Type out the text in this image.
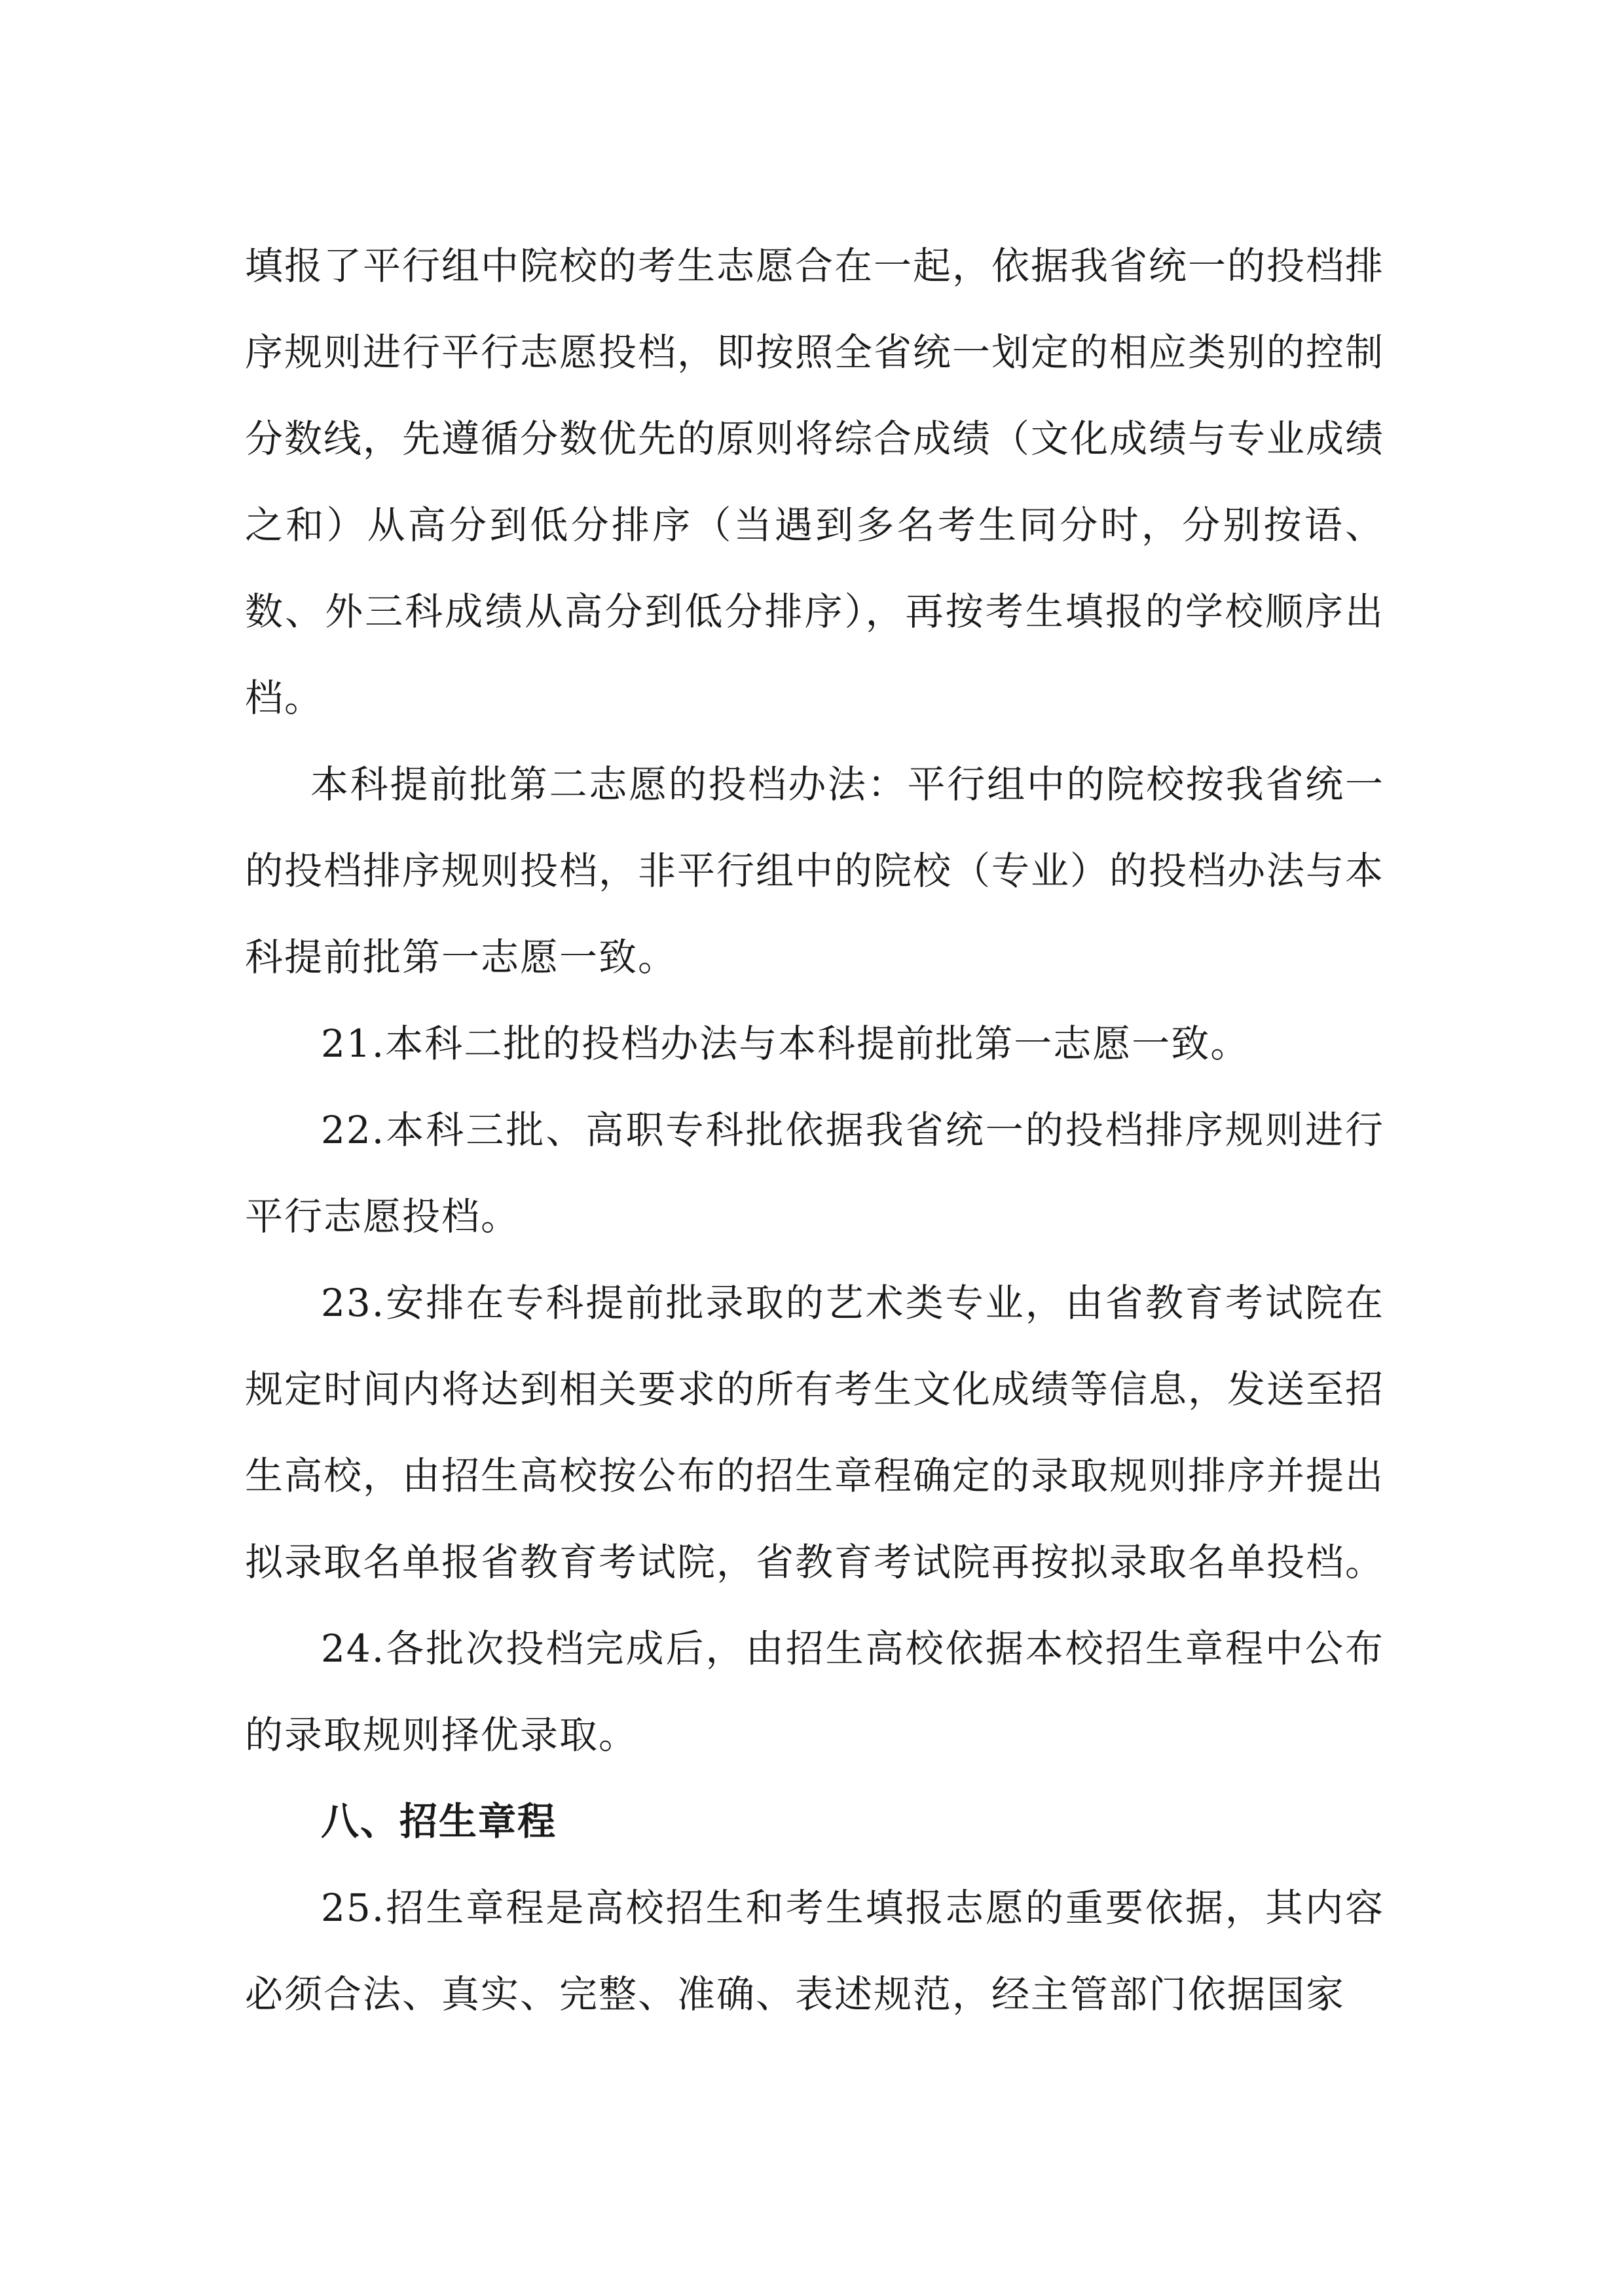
填报了平行组中院校的考生志愿合在一起，依据我省统一的投档排序规则进行平行志愿投档，即按照全省统一划定的相应类别的控制分数线，先遵循分数优先的原则将综合成绩（文化成绩与专业成绩之和）从高分到低分排序（当遇到多名考生同分时，分别按语、数、外三科成绩从高分到低分排序），再按考生填报的学校顺序出档。

本科提前批第二志愿的投档办法：平行组中的院校按我省统一的投档排序规则投档，非平行组中的院校（专业）的投档办法与本科提前批第一志愿一致。

21.本科二批的投档办法与本科提前批第一志愿一致。

22.本科三批、高职专科批依据我省统一的投档排序规则进行平行志愿投档。

23.安排在专科提前批录取的艺术类专业，由省教育考试院在规定时间内将达到相关要求的所有考生文化成绩等信息，发送至招生高校，由招生高校按公布的招生章程确定的录取规则排序并提出拟录取名单报省教育考试院，省教育考试院再按拟录取名单投档。

24.各批次投档完成后，由招生高校依据本校招生章程中公布的录取规则择优录取。

八、招生章程

25.招生章程是高校招生和考生填报志愿的重要依据，其内容必须合法、真实、完整、准确、表述规范，经主管部门依据国家
